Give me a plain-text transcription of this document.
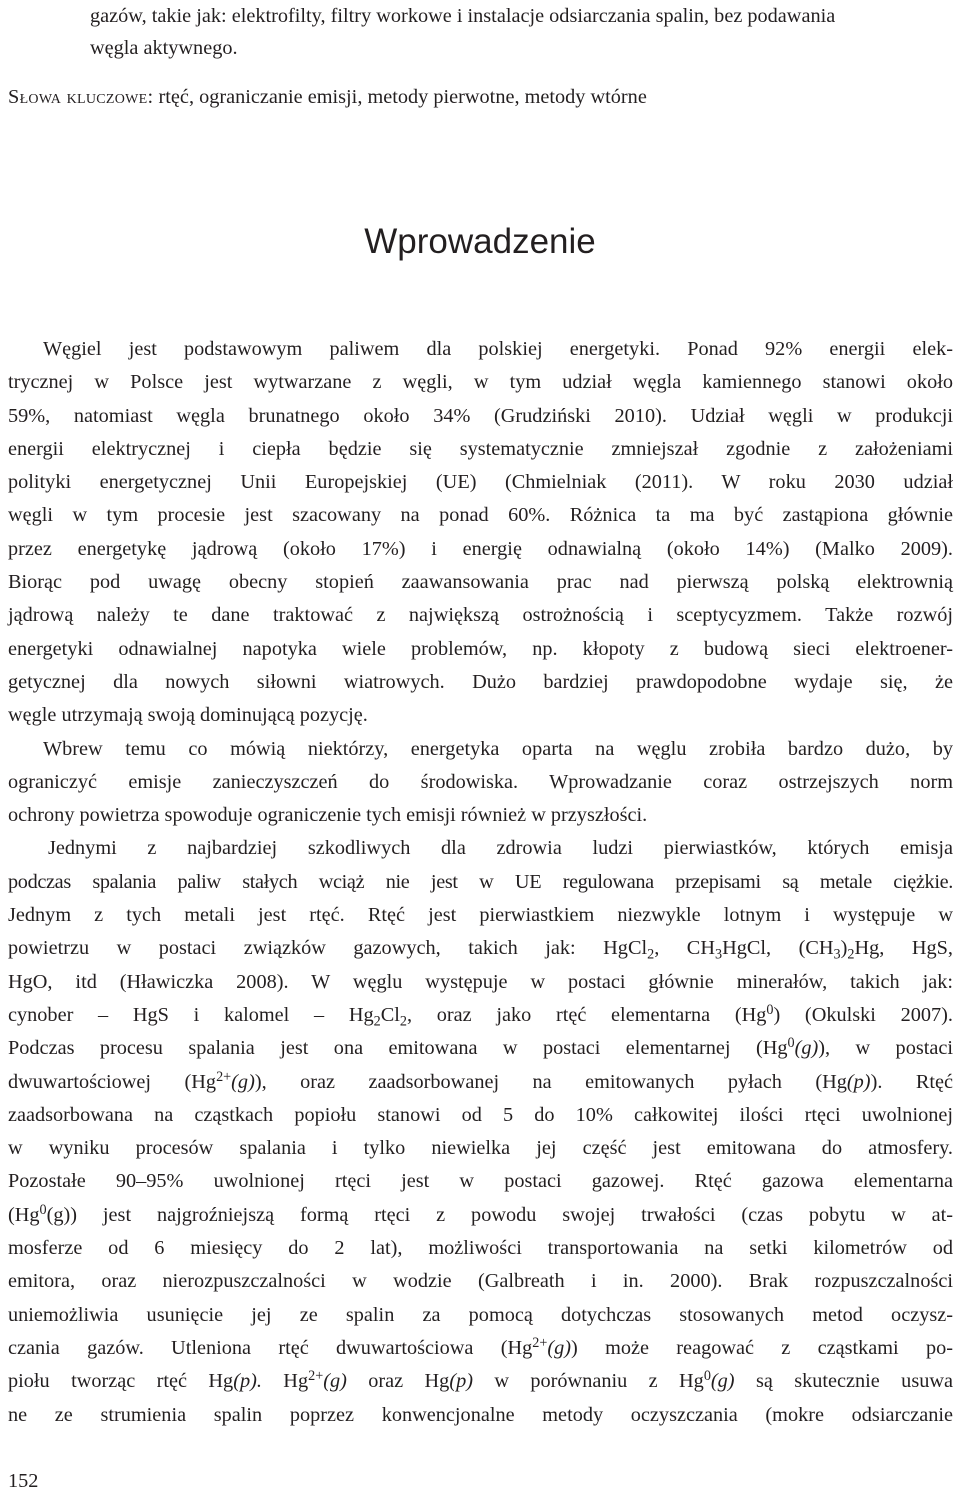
gazów, takie jak: elektrofilty, filtry workowe i instalacje odsiarczania spalin, bez podawania
węgla aktywnego.
Słowa kluczowe: rtęć, ograniczanie emisji, metody pierwotne, metody wtórne
Wprowadzenie
Węgiel jest podstawowym paliwem dla polskiej energetyki. Ponad 92% energii elek-
trycznej w Polsce jest wytwarzane z węgli, w tym udział węgla kamiennego stanowi około
59%, natomiast węgla brunatnego około 34% (Grudziński 2010). Udział węgli w produkcji
energii elektrycznej i ciepła będzie się systematycznie zmniejszał zgodnie z założeniami
polityki energetycznej Unii Europejskiej (UE) (Chmielniak (2011). W roku 2030 udział
węgli w tym procesie jest szacowany na ponad 60%. Różnica ta ma być zastąpiona głównie
przez energetykę jądrową (około 17%) i energię odnawialną (około 14%) (Malko 2009).
Biorąc pod uwagę obecny stopień zaawansowania prac nad pierwszą polską elektrownią
jądrową należy te dane traktować z największą ostrożnością i sceptycyzmem. Także rozwój
energetyki odnawialnej napotyka wiele problemów, np. kłopoty z budową sieci elektroener-
getycznej dla nowych siłowni wiatrowych. Dużo bardziej prawdopodobne wydaje się, że
węgle utrzymają swoją dominującą pozycję.
Wbrew temu co mówią niektórzy, energetyka oparta na węglu zrobiła bardzo dużo, by
ograniczyć emisje zanieczyszczeń do środowiska. Wprowadzanie coraz ostrzejszych norm
ochrony powietrza spowoduje ograniczenie tych emisji również w przyszłości.
Jednymi z najbardziej szkodliwych dla zdrowia ludzi pierwiastków, których emisja
podczas spalania paliw stałych wciąż nie jest w UE regulowana przepisami są metale ciężkie.
Jednym z tych metali jest rtęć. Rtęć jest pierwiastkiem niezwykle lotnym i występuje w
powietrzu w postaci związków gazowych, takich jak: HgCl$_2$, $CH_3HgCl$, $(CH_3)_2Hg$, HgS,
HgO, itd (Hławiczka 2008). W węglu występuje w postaci głównie minerałów, takich jak:
cynober – HgS i kalomel – $Hg_2Cl_2$, oraz jako rtęć elementarna (Hg$^0$) (Okulski 2007).
Podczas procesu spalania jest ona emitowana w postaci elementarnej (Hg$^0$(g)), w postaci
dwuwartościowej $(Hg^{2+}(g))$, oraz zaadsorbowanej na emitowanych pyłach (Hg(p)). Rtęć
zaadsorbowana na cząstkach popiołu stanowi od 5 do 10% całkowitej ilości rtęci uwolnionej
w wyniku procesów spalania i tylko niewielka jej część jest emitowana do atmosfery.
Pozostałe 90–95% uwolnionej rtęci jest w postaci gazowej. Rtęć gazowa elementarna
(Hg$^0$(g)) jest najgroźniejszą formą rtęci z powodu swojej trwałości (czas pobytu w at-
mosferze od 6 miesięcy do 2 lat), możliwości transportowania na setki kilometrów od
emitora, oraz nierozpuszczalności w wodzie (Galbreath i in. 2000). Brak rozpuszczalności
uniemożliwia usunięcie jej ze spalin za pomocą dotychczas stosowanych metod oczysz-
czania gazów. Utleniona rtęć dwuwartościowa $(Hg^{2+}(g))$ może reagować z cząstkami po-
piołu tworząc rtęć Hg(p). $Hg^{2+}(g)$ oraz Hg(p) w porównaniu z Hg$^0$(g) są skutecznie usuwa
ne ze strumienia spalin poprzez konwencjonalne metody oczyszczania (mokre odsiarczanie
152
